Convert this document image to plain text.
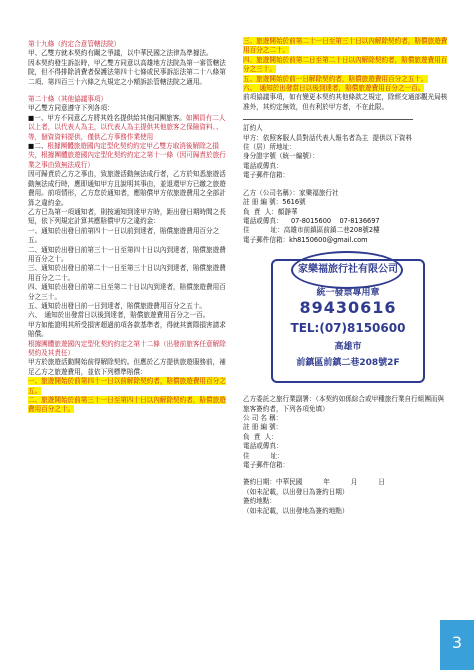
第十九條（約定合意管轄法院）

甲、乙雙方就本契約有關之爭議，以中華民國之法律為準據法。
因本契約發生訴訟時，甲乙雙方同意以高雄地方法院為第一審管轄法院，但不得排除消費者保護法第四十七條或民事訴訟法第二十八條第二項、第四百三十六條之九規定之小額訴訟管轄法院之適用。

第二十條（其他協議事項）

甲乙雙方同意遵守下列各項：

■一、甲方不同意乙方將其姓名提供給其他同團旅客。如團員有二人以上者，以代表人為主，以代表人為主提供其他旅客之保險資料、、等，個資資料提供，僅供乙方事務作業使用

■二、根據團體旅遊國內定型化契約約定甲乙雙方取消後解除之損失，根據團體旅遊國內定型化契約約定之第十一條（因可歸責於旅行業之事由致無法成行）

因可歸責於乙方之事由，致旅遊活動無法成行者，乙方於知悉旅遊活動無法成行時，應即通知甲方且說明其事由，並退還甲方已繳之旅遊費用。前項情形，乙方怠於通知者，應賠償甲方依旅遊費用之全部計算之違約金。

乙方已為第一項通知者，則按通知到達甲方時，距出發日期時間之長短，依下列規定計算其應賠償甲方之違約金：

一、通知於出發日前第四十一日以前到達者，賠償旅遊費用百分之五。

二、通知於出發日前第三十一日至第四十日以內到達者，賠償旅遊費用百分之十。

三、通知於出發日前第二十一日至第三十日以內到達者，賠償旅遊費用百分之二十。

四、通知於出發日前第二日至第二十日以內到達者，賠償旅遊費用百分之三十。

五、通知於出發日前一日到達者，賠償旅遊費用百分之五十。

六、　通知於出發當日以後到達者，賠償旅遊費用百分之一百。

甲方如能證明其所受損害超過前項各款基準者，得就其實際損害請求賠償。

根據團體旅遊國內定型化契約約定之第十二條（出發前旅客任意解除契約及其責任）

甲方於旅遊活動開始前得解除契約。但應於乙方提供旅遊服務前，補足乙方之旅遊費用，並依下列標準賠償：

一、旅遊開始於前第四十一日以前解除契約者，賠償旅遊費用百分之五。

二、旅遊開始於前第三十一日至第四十日以內解除契約者，賠償旅遊費用百分之十。

三、旅遊開始於前第二十一日至第三十日以內解除契約者，賠償旅遊費用百分之二十。

四、旅遊開始於前第二日至第二十日以內解除契約者，賠償旅遊費用百分之三十。

五、旅遊開始於前一日解除契約者，賠償旅遊費用百分之五十。

六、　通知於出發當日以後到達者，賠償旅遊費用百分之一百。

前項協議事項，如有變更本契約其他條款之規定，除經交通部觀光局核准外，其約定無效，但有利於甲方者，不在此限。

訂約人

甲方：依照客服人員對話代表人報名者為主  提供以下資料

住（居）所地址：

身分證字號（統一編號）：

電話或傳真：

電子郵件信箱：

乙方（公司名稱）：家樂福旅行社

註 冊 編 號：5616號

負  責  人：顏靜華

電話或傳真：    07-8015600    07-8136697

住          址：高雄市前鎮區前鎮二巷208號2樓

電子郵件信箱：kh8150600@gmail.com

家樂福旅行社有限公司
統一發票專用章
89430616
TEL:(07)8150600
高雄市
前鎮區前鎮二巷208號2F

乙方委託之旅行業副署：（本契約如係綜合或甲種旅行業自行組團而與旅客簽約者，下列各項免填）

公 司 名 稱：

註 冊 編 號：

負  責  人：

電話或傳真：

住          址：

電子郵件信箱：

簽約日期：中華民國          年          月          日

（如未記載，以出發日為簽約日期）

簽約地點：

（如未記載，以出發地為簽約地點）

3
